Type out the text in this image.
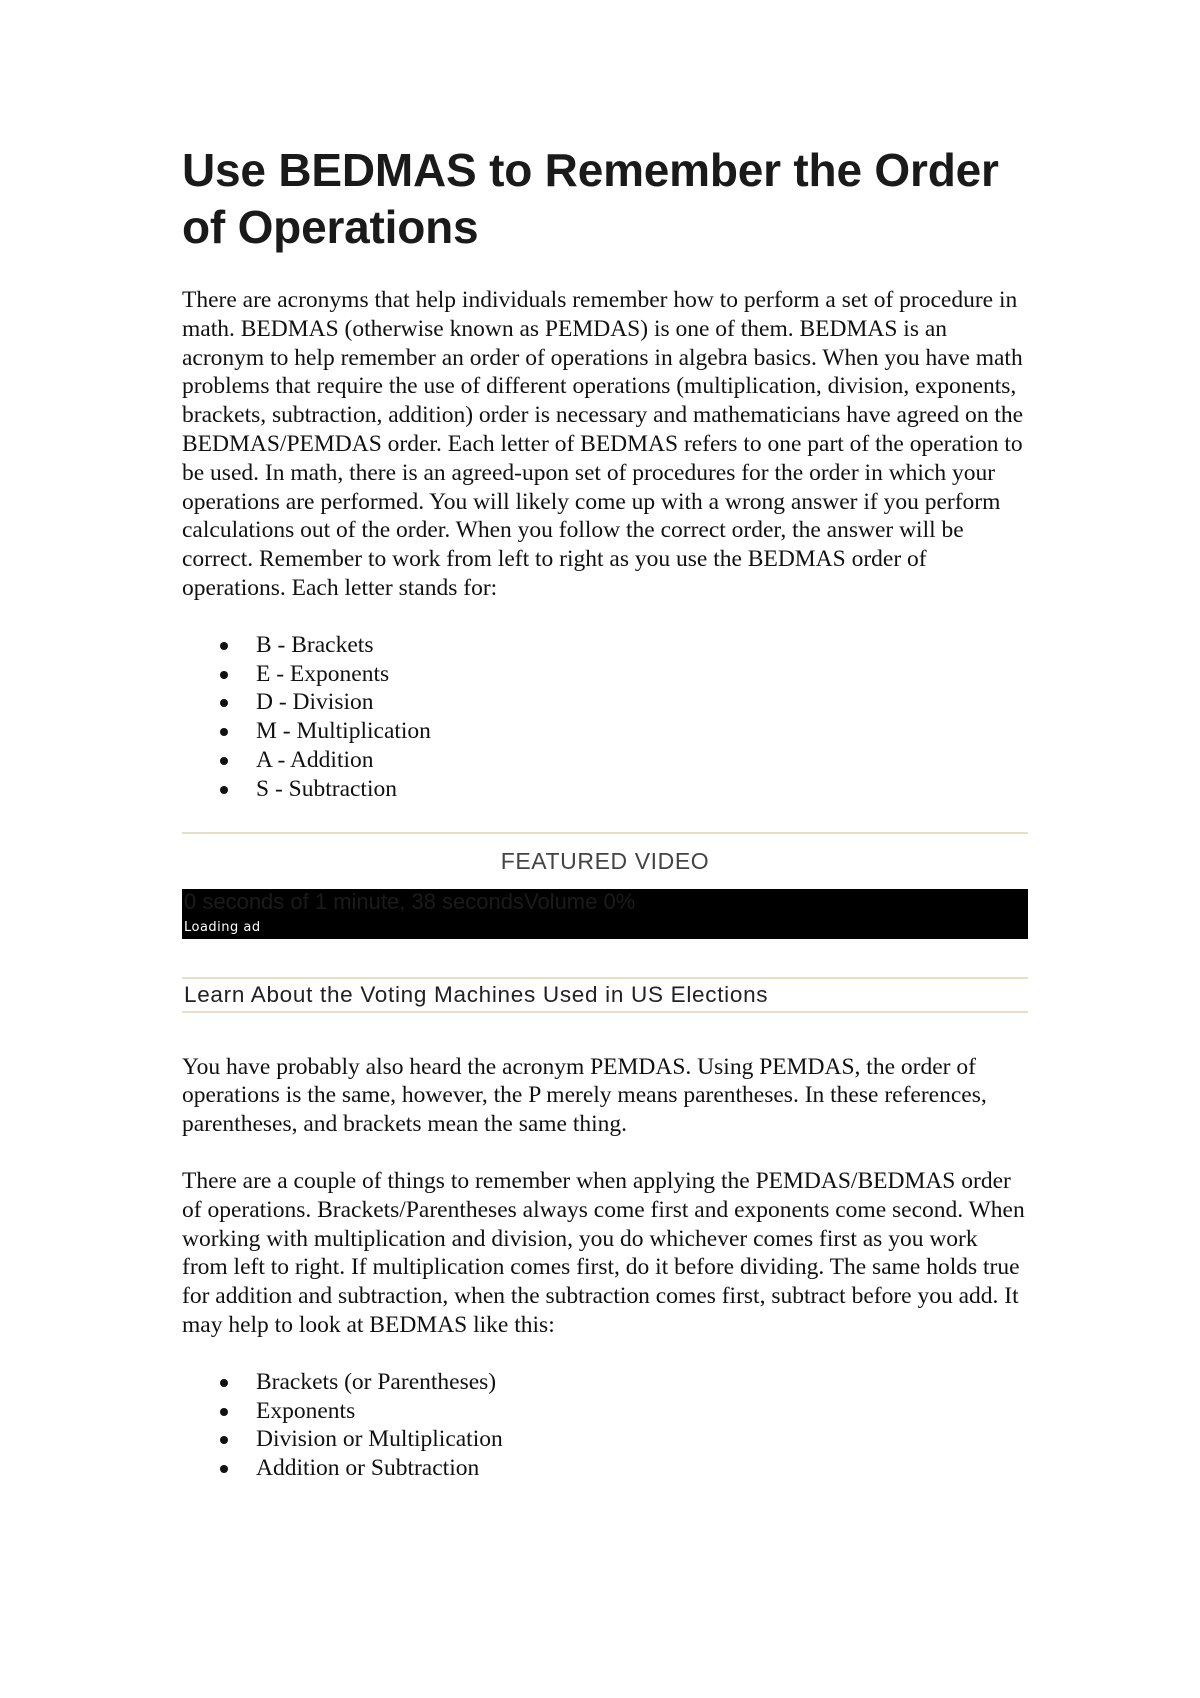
Use BEDMAS to Remember the Order of Operations

There are acronyms that help individuals remember how to perform a set of procedure in math. BEDMAS (otherwise known as PEMDAS) is one of them. BEDMAS is an acronym to help remember an order of operations in algebra basics. When you have math problems that require the use of different operations (multiplication, division, exponents, brackets, subtraction, addition) order is necessary and mathematicians have agreed on the BEDMAS/PEMDAS order. Each letter of BEDMAS refers to one part of the operation to be used. In math, there is an agreed-upon set of procedures for the order in which your operations are performed. You will likely come up with a wrong answer if you perform calculations out of the order. When you follow the correct order, the answer will be correct. Remember to work from left to right as you use the BEDMAS order of operations. Each letter stands for:

B - Brackets
E - Exponents
D - Division
M - Multiplication
A - Addition
S - Subtraction
FEATURED VIDEO
0 seconds of 1 minute, 38 secondsVolume 0%
Loading ad
Learn About the Voting Machines Used in US Elections

You have probably also heard the acronym PEMDAS. Using PEMDAS, the order of operations is the same, however, the P merely means parentheses. In these references, parentheses, and brackets mean the same thing.

There are a couple of things to remember when applying the PEMDAS/BEDMAS order of operations. Brackets/Parentheses always come first and exponents come second. When working with multiplication and division, you do whichever comes first as you work from left to right. If multiplication comes first, do it before dividing. The same holds true for addition and subtraction, when the subtraction comes first, subtract before you add. It may help to look at BEDMAS like this:

Brackets (or Parentheses)
Exponents
Division or Multiplication
Addition or Subtraction
